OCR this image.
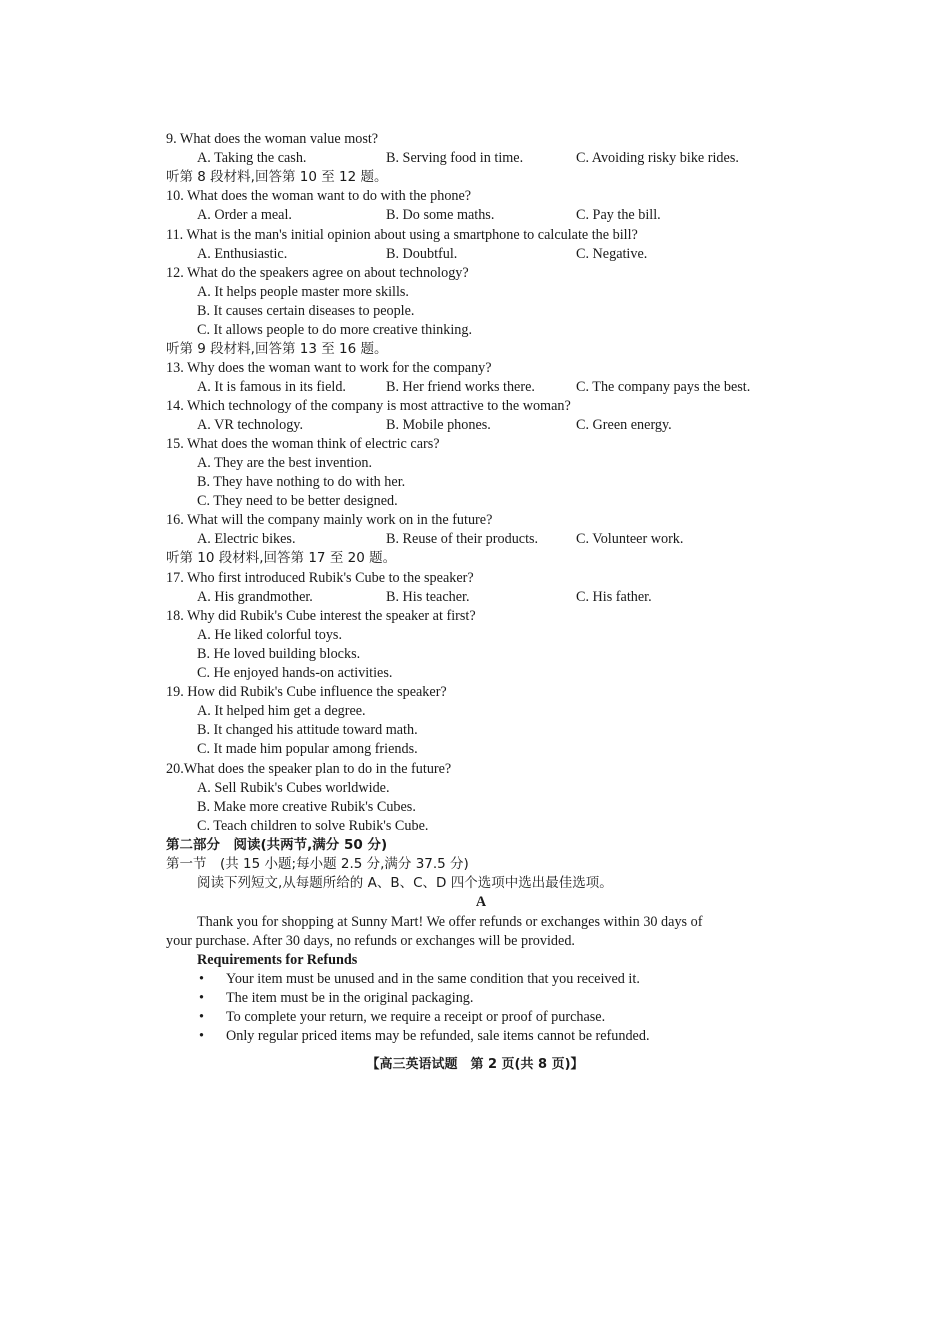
9. What does the woman value most?
A. Taking the cash.	B. Serving food in time.	C. Avoiding risky bike rides.
听第 8 段材料,回答第 10 至 12 题。
10. What does the woman want to do with the phone?
A. Order a meal.	B. Do some maths.	C. Pay the bill.
11. What is the man's initial opinion about using a smartphone to calculate the bill?
A. Enthusiastic.	B. Doubtful.	C. Negative.
12. What do the speakers agree on about technology?
A. It helps people master more skills.
B. It causes certain diseases to people.
C. It allows people to do more creative thinking.
听第 9 段材料,回答第 13 至 16 题。
13. Why does the woman want to work for the company?
A. It is famous in its field.	B. Her friend works there.	C. The company pays the best.
14. Which technology of the company is most attractive to the woman?
A. VR technology.	B. Mobile phones.	C. Green energy.
15. What does the woman think of electric cars?
A. They are the best invention.
B. They have nothing to do with her.
C. They need to be better designed.
16. What will the company mainly work on in the future?
A. Electric bikes.	B. Reuse of their products.	C. Volunteer work.
听第 10 段材料,回答第 17 至 20 题。
17. Who first introduced Rubik's Cube to the speaker?
A. His grandmother.	B. His teacher.	C. His father.
18. Why did Rubik's Cube interest the speaker at first?
A. He liked colorful toys.
B. He loved building blocks.
C. He enjoyed hands-on activities.
19. How did Rubik's Cube influence the speaker?
A. It helped him get a degree.
B. It changed his attitude toward math.
C. It made him popular among friends.
20.What does the speaker plan to do in the future?
A. Sell Rubik's Cubes worldwide.
B. Make more creative Rubik's Cubes.
C. Teach children to solve Rubik's Cube.
第二部分　阅读(共两节,满分 50 分)
第一节　(共 15 小题;每小题 2.5 分,满分 37.5 分)
阅读下列短文,从每题所给的 A、B、C、D 四个选项中选出最佳选项。
A
Thank you for shopping at Sunny Mart! We offer refunds or exchanges within 30 days of
your purchase. After 30 days, no refunds or exchanges will be provided.
Requirements for Refunds
• Your item must be unused and in the same condition that you received it.
• The item must be in the original packaging.
• To complete your return, we require a receipt or proof of purchase.
• Only regular priced items may be refunded, sale items cannot be refunded.
【高三英语试题　第 2 页(共 8 页)】
